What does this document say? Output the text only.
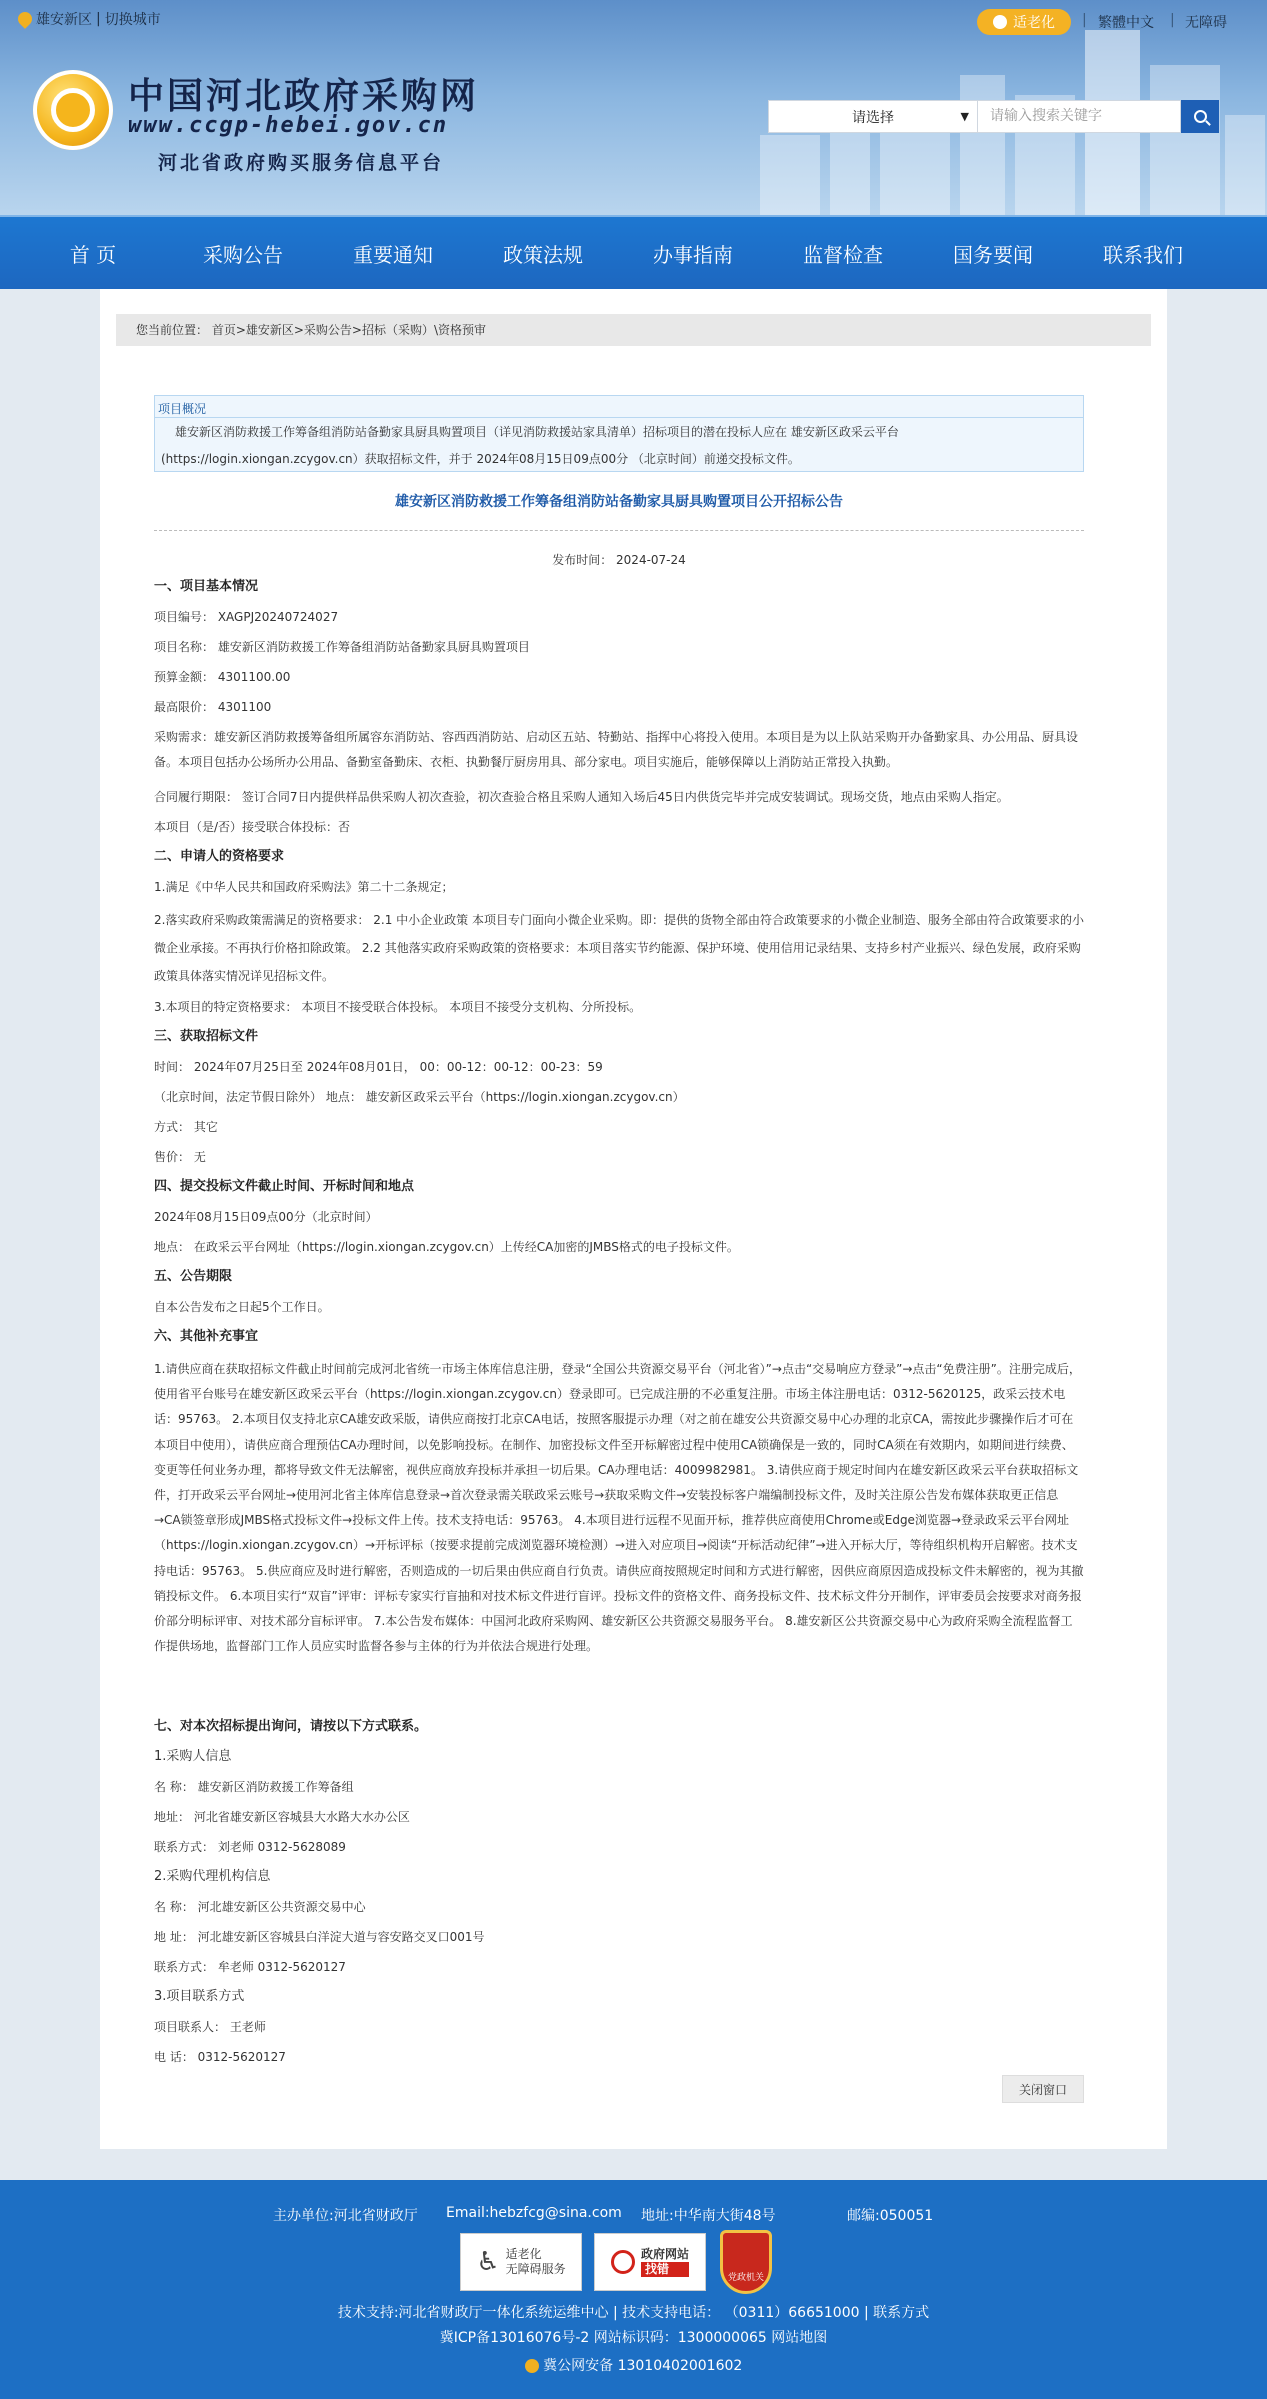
雄安新区 | 切换城市	适老化 | 繁體中文 | 无障碍
中国河北政府采购网
www.ccgp-hebei.gov.cn
河北省政府购买服务信息平台
请选择	▼	请输入搜索关键字
首 页	采购公告	重要通知	政策法规	办事指南	监督检查	国务要闻	联系我们
您当前位置： 首页>雄安新区>采购公告>招标（采购）\资格预审
项目概况
雄安新区消防救援工作筹备组消防站备勤家具厨具购置项目（详见消防救援站家具清单）招标项目的潜在投标人应在 雄安新区政采云平台
(https://login.xiongan.zcygov.cn）获取招标文件，并于 2024年08月15日09点00分 （北京时间）前递交投标文件。
雄安新区消防救援工作筹备组消防站备勤家具厨具购置项目公开招标公告
发布时间： 2024-07-24
一、项目基本情况
项目编号： XAGPJ20240724027
项目名称： 雄安新区消防救援工作筹备组消防站备勤家具厨具购置项目
预算金额： 4301100.00
最高限价： 4301100
采购需求：雄安新区消防救援筹备组所属容东消防站、容西西消防站、启动区五站、特勤站、指挥中心将投入使用。本项目是为以上队站采购开办备勤家具、办公用品、厨具设备。本项目包括办公场所办公用品、备勤室备勤床、衣柜、执勤餐厅厨房用具、部分家电。项目实施后，能够保障以上消防站正常投入执勤。
合同履行期限： 签订合同7日内提供样品供采购人初次查验，初次查验合格且采购人通知入场后45日内供货完毕并完成安装调试。现场交货，地点由采购人指定。
本项目（是/否）接受联合体投标：否
二、申请人的资格要求
1.满足《中华人民共和国政府采购法》第二十二条规定；
2.落实政府采购政策需满足的资格要求： 2.1 中小企业政策 本项目专门面向小微企业采购。即：提供的货物全部由符合政策要求的小微企业制造、服务全部由符合政策要求的小微企业承接。不再执行价格扣除政策。 2.2 其他落实政府采购政策的资格要求：本项目落实节约能源、保护环境、使用信用记录结果、支持乡村产业振兴、绿色发展，政府采购政策具体落实情况详见招标文件。
3.本项目的特定资格要求： 本项目不接受联合体投标。 本项目不接受分支机构、分所投标。
三、获取招标文件
时间： 2024年07月25日至 2024年08月01日， 00：00-12：00-12：00-23：59
（北京时间，法定节假日除外） 地点： 雄安新区政采云平台（https://login.xiongan.zcygov.cn）
方式： 其它
售价： 无
四、提交投标文件截止时间、开标时间和地点
2024年08月15日09点00分（北京时间）
地点： 在政采云平台网址（https://login.xiongan.zcygov.cn）上传经CA加密的JMBS格式的电子投标文件。
五、公告期限
自本公告发布之日起5个工作日。
六、其他补充事宜
1.请供应商在获取招标文件截止时间前完成河北省统一市场主体库信息注册，登录“全国公共资源交易平台（河北省）”→点击“交易响应方登录”→点击“免费注册”。注册完成后，使用省平台账号在雄安新区政采云平台（https://login.xiongan.zcygov.cn）登录即可。已完成注册的不必重复注册。市场主体注册电话：0312-5620125，政采云技术电话：95763。 2.本项目仅支持北京CA雄安政采版，请供应商按打北京CA电话，按照客服提示办理（对之前在雄安公共资源交易中心办理的北京CA，需按此步骤操作后才可在本项目中使用），请供应商合理预估CA办理时间，以免影响投标。在制作、加密投标文件至开标解密过程中使用CA锁确保是一致的，同时CA须在有效期内，如期间进行续费、变更等任何业务办理，都将导致文件无法解密，视供应商放弃投标并承担一切后果。CA办理电话：4009982981。 3.请供应商于规定时间内在雄安新区政采云平台获取招标文件，打开政采云平台网址→使用河北省主体库信息登录→首次登录需关联政采云账号→获取采购文件→安装投标客户端编制投标文件，及时关注原公告发布媒体获取更正信息→CA锁签章形成JMBS格式投标文件→投标文件上传。技术支持电话：95763。 4.本项目进行远程不见面开标，推荐供应商使用Chrome或Edge浏览器→登录政采云平台网址（https://login.xiongan.zcygov.cn）→开标评标（按要求提前完成浏览器环境检测）→进入对应项目→阅读“开标活动纪律”→进入开标大厅，等待组织机构开启解密。技术支持电话：95763。 5.供应商应及时进行解密，否则造成的一切后果由供应商自行负责。请供应商按照规定时间和方式进行解密，因供应商原因造成投标文件未解密的，视为其撤销投标文件。 6.本项目实行“双盲”评审：评标专家实行盲抽和对技术标文件进行盲评。投标文件的资格文件、商务投标文件、技术标文件分开制作，评审委员会按要求对商务报价部分明标评审、对技术部分盲标评审。 7.本公告发布媒体：中国河北政府采购网、雄安新区公共资源交易服务平台。 8.雄安新区公共资源交易中心为政府采购全流程监督工作提供场地，监督部门工作人员应实时监督各参与主体的行为并依法合规进行处理。
七、对本次招标提出询问，请按以下方式联系。
1.采购人信息
名 称： 雄安新区消防救援工作筹备组
地址： 河北省雄安新区容城县大水路大水办公区
联系方式： 刘老师 0312-5628089
2.采购代理机构信息
名 称： 河北雄安新区公共资源交易中心
地 址： 河北雄安新区容城县白洋淀大道与容安路交叉口001号
联系方式： 牟老师 0312-5620127
3.项目联系方式
项目联系人： 王老师
电 话： 0312-5620127
关闭窗口
主办单位:河北省财政厅 Email:hebzfcg@sina.com 地址:中华南大街48号	邮编:050051
♿ 适老化
无障碍服务
政府网站
找错
党政机关
技术支持:河北省财政厅一体化系统运维中心 | 技术支持电话： （0311）66651000 | 联系方式
冀ICP备13016076号-2 网站标识码：1300000065 网站地图
冀公网安备 13010402001602
